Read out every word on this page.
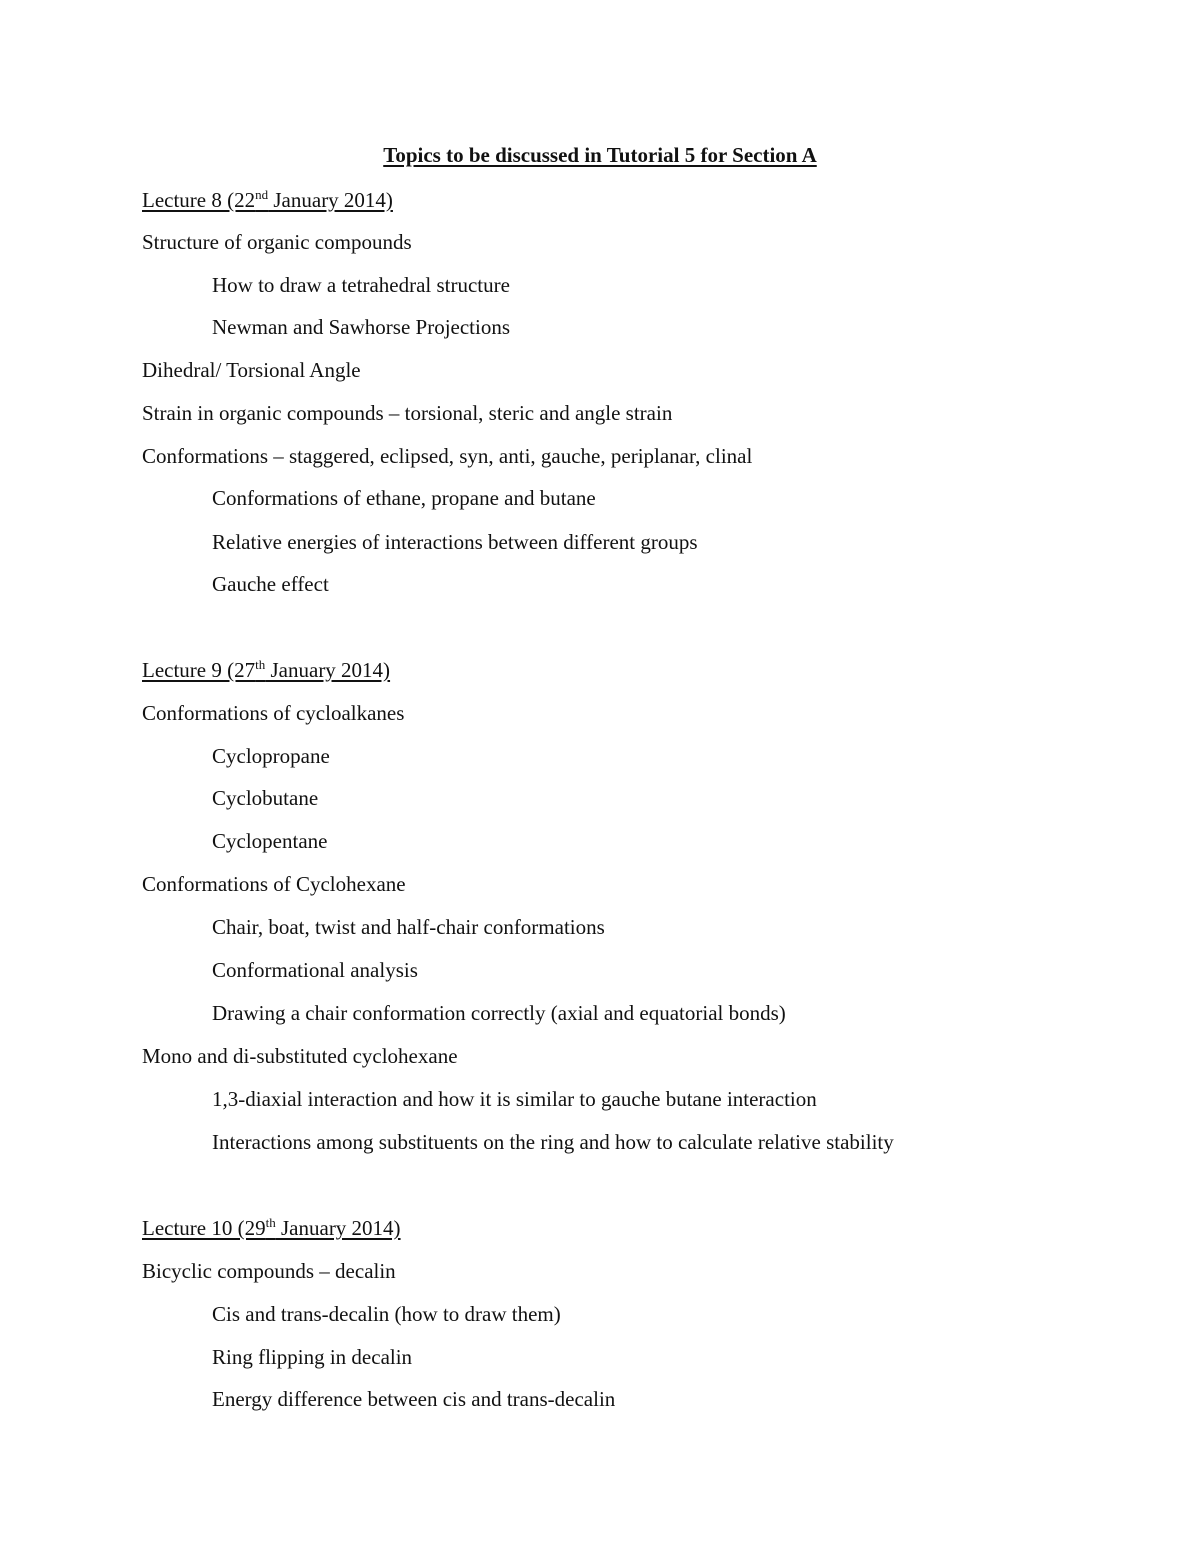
Topics to be discussed in Tutorial 5 for Section A
Lecture 8 (22nd January 2014)
Structure of organic compounds
How to draw a tetrahedral structure
Newman and Sawhorse Projections
Dihedral/ Torsional Angle
Strain in organic compounds – torsional, steric and angle strain
Conformations – staggered, eclipsed, syn, anti, gauche, periplanar, clinal
Conformations of ethane, propane and butane
Relative energies of interactions between different groups
Gauche effect
Lecture 9 (27th January 2014)
Conformations of cycloalkanes
Cyclopropane
Cyclobutane
Cyclopentane
Conformations of Cyclohexane
Chair, boat, twist and half-chair conformations
Conformational analysis
Drawing a chair conformation correctly (axial and equatorial bonds)
Mono and di-substituted cyclohexane
1,3-diaxial interaction and how it is similar to gauche butane interaction
Interactions among substituents on the ring and how to calculate relative stability
Lecture 10 (29th January 2014)
Bicyclic compounds – decalin
Cis and trans-decalin (how to draw them)
Ring flipping in decalin
Energy difference between cis and trans-decalin
